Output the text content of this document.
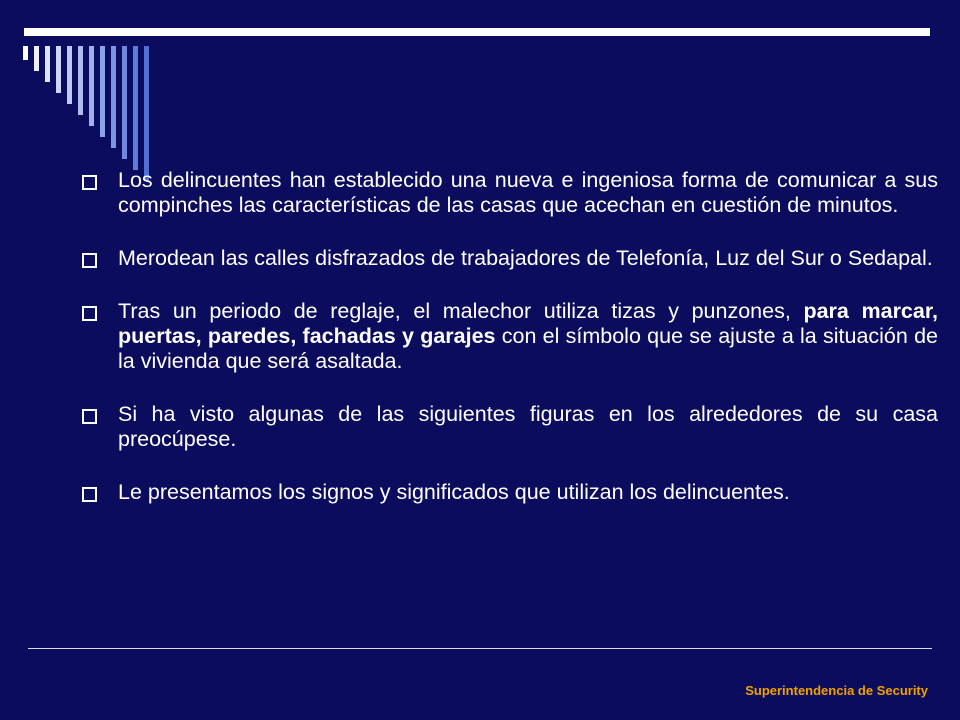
Los delincuentes han establecido una nueva e ingeniosa forma de comunicar a sus compinches las características de las casas que acechan en cuestión de minutos.
Merodean las calles disfrazados de trabajadores de Telefonía, Luz del Sur o Sedapal.
Tras un periodo de reglaje, el malechor utiliza tizas y punzones, para marcar, puertas, paredes, fachadas y garajes con el símbolo que se ajuste a la situación de la vivienda que será asaltada.
Si ha visto algunas de las siguientes figuras en los alrededores de su casa preocúpese.
Le presentamos los signos y significados que utilizan los delincuentes.
Superintendencia de Security
